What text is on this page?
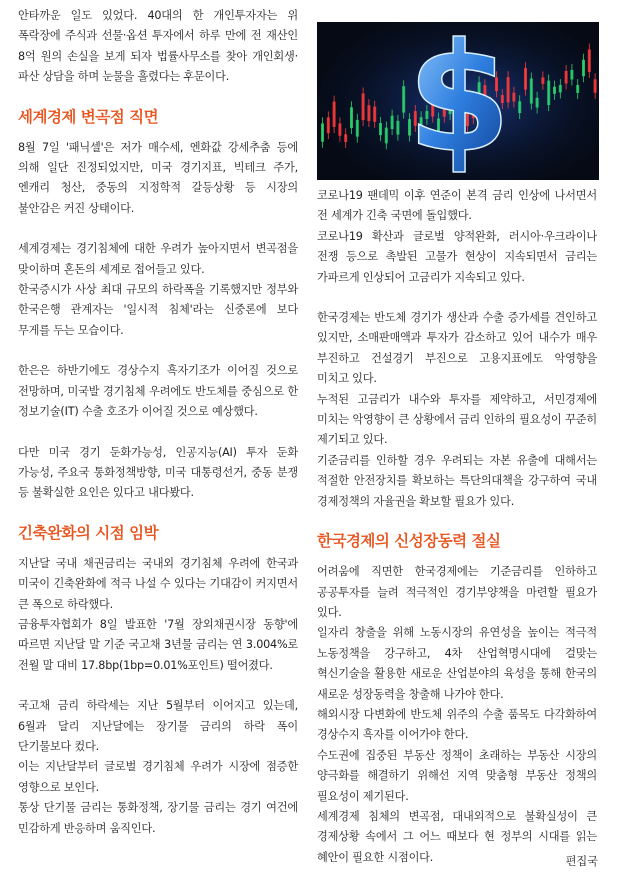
안타까운 일도 있었다. 40대의 한 개인투자자는 위 폭락장에 주식과 선물·옵션 투자에서 하루 만에 전 재산인 8억 원의 손실을 보게 되자 법률사무소를 찾아 개인회생·파산 상담을 하며 눈물을 흘렸다는 후문이다.

세계경제 변곡점 직면

8월 7일 '패닉셀'은 저가 매수세, 엔화값 강세추춤 등에 의해 일단 진정되었지만, 미국 경기지표, 빅테크 주가, 엔캐리 청산, 중동의 지정학적 갈등상황 등 시장의 불안감은 커진 상태이다.

세계경제는 경기침체에 대한 우려가 높아지면서 변곡점을 맞이하며 혼돈의 세계로 접어들고 있다.

한국증시가 사상 최대 규모의 하락폭을 기록했지만 정부와 한국은행 관계자는 '일시적 침체'라는 신중론에 보다 무게를 두는 모습이다.

한은은 하반기에도 경상수지 흑자기조가 이어질 것으로 전망하며, 미국발 경기침체 우려에도 반도체를 중심으로 한 정보기술(IT) 수출 호조가 이어질 것으로 예상했다.

다만 미국 경기 둔화가능성, 인공지능(AI) 투자 둔화 가능성, 주요국 통화정책방향, 미국 대통령선거, 중동 분쟁 등 불확실한 요인은 있다고 내다봤다.

긴축완화의 시점 임박

지난달 국내 채권금리는 국내외 경기침체 우려에 한국과 미국이 긴축완화에 적극 나설 수 있다는 기대감이 커지면서 큰 폭으로 하락했다.

금융투자협회가 8일 발표한 '7월 장외채권시장 동향'에 따르면 지난달 말 기준 국고채 3년물 금리는 연 3.004%로 전월 말 대비 17.8bp(1bp=0.01%포인트) 떨어졌다.

국고채 금리 하락세는 지난 5월부터 이어지고 있는데, 6월과 달리 지난달에는 장기물 금리의 하락 폭이 단기물보다 컸다.

이는 지난달부터 글로벌 경기침체 우려가 시장에 점증한 영향으로 보인다.

통상 단기물 금리는 통화정책, 장기물 금리는 경기 여건에 민감하게 반응하며 움직인다.

$

코로나19 팬데믹 이후 연준이 본격 금리 인상에 나서면서 전 세계가 긴축 국면에 돌입했다.

코로나19 확산과 글로벌 양적완화, 러시아·우크라이나 전쟁 등으로 촉발된 고물가 현상이 지속되면서 금리는 가파르게 인상되어 고금리가 지속되고 있다.

한국경제는 반도체 경기가 생산과 수출 증가세를 견인하고 있지만, 소매판매액과 투자가 감소하고 있어 내수가 매우 부진하고 건설경기 부진으로 고용지표에도 악영향을 미치고 있다.

누적된 고금리가 내수와 투자를 제약하고, 서민경제에 미치는 악영향이 큰 상황에서 금리 인하의 필요성이 꾸준히 제기되고 있다.

기준금리를 인하할 경우 우려되는 자본 유출에 대해서는 적절한 안전장치를 확보하는 특단의대책을 강구하여 국내 경제정책의 자율권을 확보할 필요가 있다.

한국경제의 신성장동력 절실

어려움에 직면한 한국경제에는 기준금리를 인하하고 공공투자를 늘려 적극적인 경기부양책을 마련할 필요가 있다.

일자리 창출을 위해 노동시장의 유연성을 높이는 적극적 노동정책을 강구하고, 4차 산업혁명시대에 걸맞는 혁신기술을 활용한 새로운 산업분야의 육성을 통해 한국의 새로운 성장동력을 창출해 나가야 한다.

해외시장 다변화에 반도체 위주의 수출 품목도 다각화하여 경상수지 흑자를 이어가야 한다.

수도권에 집중된 부동산 정책이 초래하는 부동산 시장의 양극화를 해결하기 위해선 지역 맞춤형 부동산 정책의 필요성이 제기된다.

세계경제 침체의 변곡점, 대내외적으로 불확실성이 큰 경제상황 속에서 그 어느 때보다 현 정부의 시대를 읽는 혜안이 필요한 시점이다.	편집국
